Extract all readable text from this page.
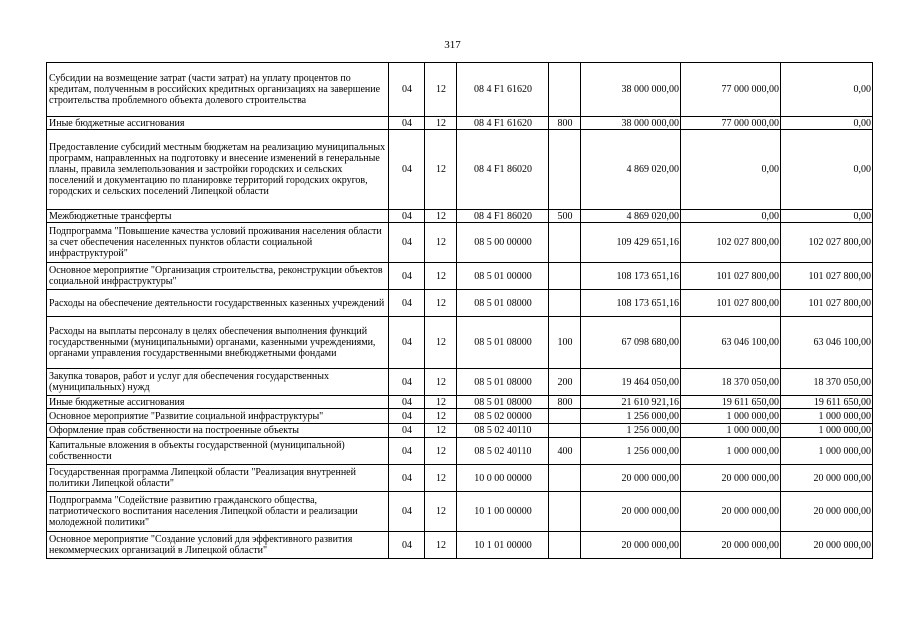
317
Субсидии на возмещение затрат (части затрат) на уплату процентов по кредитам, полученным в российских кредитных организациях на завершение строительства проблемного объекта долевого строительства	04	12	08 4 F1 61620		38 000 000,00	77 000 000,00	0,00
Иные бюджетные ассигнования	04	12	08 4 F1 61620	800	38 000 000,00	77 000 000,00	0,00
Предоставление субсидий местным бюджетам на реализацию муниципальных программ, направленных на подготовку и внесение изменений в генеральные планы, правила землепользования и застройки городских и сельских поселений и документацию по планировке территорий городских округов, городских и сельских поселений Липецкой области	04	12	08 4 F1 86020		4 869 020,00	0,00	0,00
Межбюджетные трансферты	04	12	08 4 F1 86020	500	4 869 020,00	0,00	0,00
Подпрограмма "Повышение качества условий проживания населения области за счет обеспечения населенных пунктов области социальной инфраструктурой"	04	12	08 5 00 00000		109 429 651,16	102 027 800,00	102 027 800,00
Основное мероприятие "Организация строительства, реконструкции объектов социальной инфраструктуры"	04	12	08 5 01 00000		108 173 651,16	101 027 800,00	101 027 800,00
Расходы на обеспечение деятельности государственных казенных учреждений	04	12	08 5 01 08000		108 173 651,16	101 027 800,00	101 027 800,00
Расходы на выплаты персоналу в целях обеспечения выполнения функций государственными (муниципальными) органами, казенными учреждениями, органами управления государственными внебюджетными фондами	04	12	08 5 01 08000	100	67 098 680,00	63 046 100,00	63 046 100,00
Закупка товаров, работ и услуг для обеспечения государственных (муниципальных) нужд	04	12	08 5 01 08000	200	19 464 050,00	18 370 050,00	18 370 050,00
Иные бюджетные ассигнования	04	12	08 5 01 08000	800	21 610 921,16	19 611 650,00	19 611 650,00
Основное мероприятие "Развитие социальной инфраструктуры"	04	12	08 5 02 00000		1 256 000,00	1 000 000,00	1 000 000,00
Оформление прав собственности на построенные объекты	04	12	08 5 02 40110		1 256 000,00	1 000 000,00	1 000 000,00
Капитальные вложения в объекты государственной (муниципальной) собственности	04	12	08 5 02 40110	400	1 256 000,00	1 000 000,00	1 000 000,00
Государственная программа Липецкой области "Реализация внутренней политики Липецкой области"	04	12	10 0 00 00000		20 000 000,00	20 000 000,00	20 000 000,00
Подпрограмма "Содействие развитию гражданского общества, патриотического воспитания населения Липецкой области и реализации молодежной политики"	04	12	10 1 00 00000		20 000 000,00	20 000 000,00	20 000 000,00
Основное мероприятие "Создание условий для эффективного развития некоммерческих организаций в Липецкой области"	04	12	10 1 01 00000		20 000 000,00	20 000 000,00	20 000 000,00
